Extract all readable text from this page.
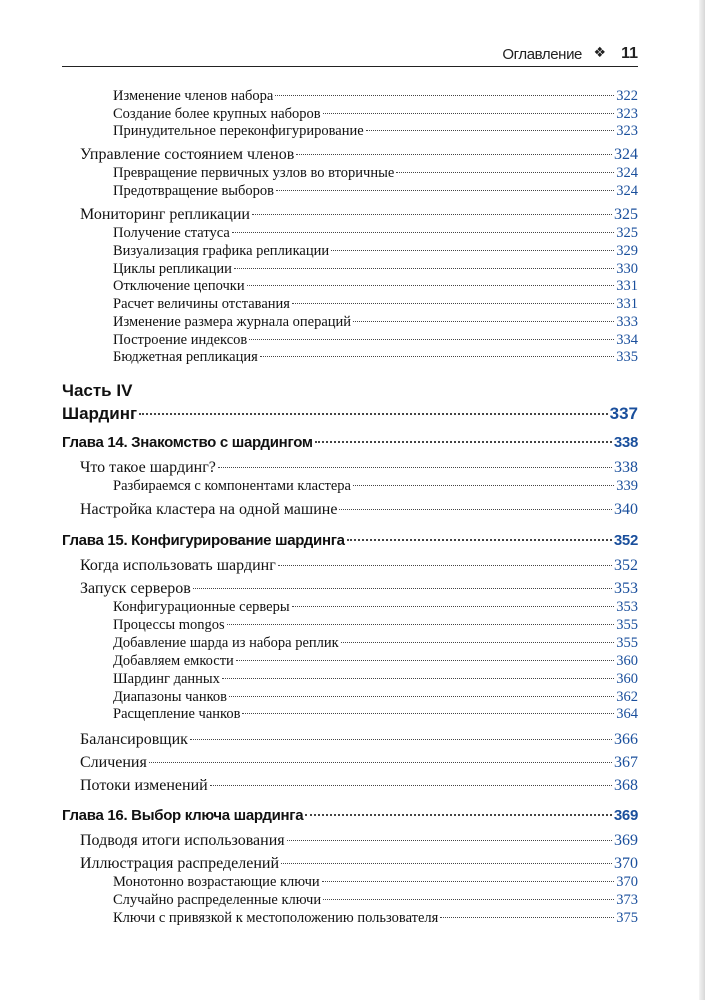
Оглавление ❖ 11
Изменение членов набора	322
Создание более крупных наборов	323
Принудительное переконфигурирование	323
Управление состоянием членов	324
Превращение первичных узлов во вторичные	324
Предотвращение выборов	324
Мониторинг репликации	325
Получение статуса	325
Визуализация графика репликации	329
Циклы репликации	330
Отключение цепочки	331
Расчет величины отставания	331
Изменение размера журнала операций	333
Построение индексов	334
Бюджетная репликация	335
Часть IV
Шардинг	337
Глава 14. Знакомство с шардингом	338
Что такое шардинг?	338
Разбираемся с компонентами кластера	339
Настройка кластера на одной машине	340
Глава 15. Конфигурирование шардинга	352
Когда использовать шардинг	352
Запуск серверов	353
Конфигурационные серверы	353
Процессы mongos	355
Добавление шарда из набора реплик	355
Добавляем емкости	360
Шардинг данных	360
Диапазоны чанков	362
Расщепление чанков	364
Балансировщик	366
Сличения	367
Потоки изменений	368
Глава 16. Выбор ключа шардинга	369
Подводя итоги использования	369
Иллюстрация распределений	370
Монотонно возрастающие ключи	370
Случайно распределенные ключи	373
Ключи с привязкой к местоположению пользователя	375
